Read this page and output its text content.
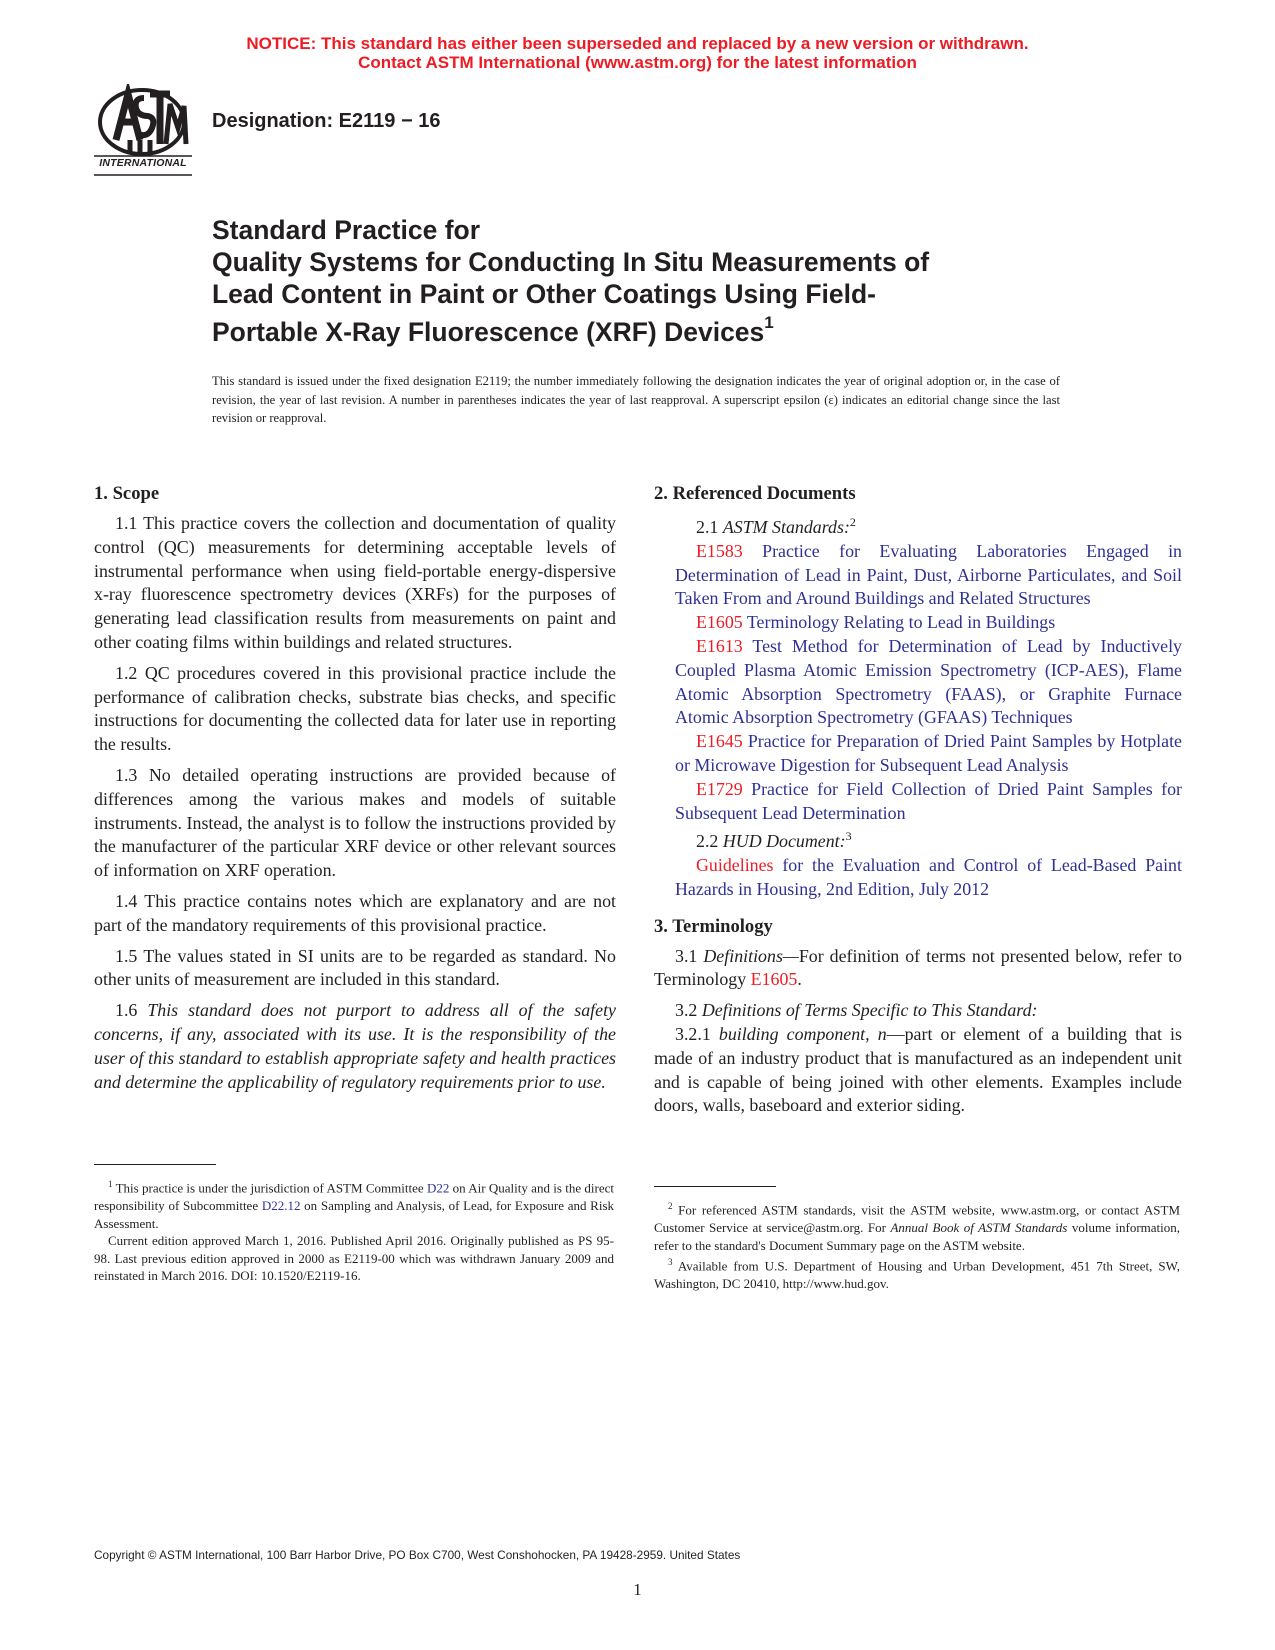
NOTICE: This standard has either been superseded and replaced by a new version or withdrawn.
Contact ASTM International (www.astm.org) for the latest information
INTERNATIONAL
Designation: E2119 − 16
Standard Practice for
Quality Systems for Conducting In Situ Measurements of
Lead Content in Paint or Other Coatings Using Field-
Portable X-Ray Fluorescence (XRF) Devices$^1$
This standard is issued under the fixed designation E2119; the number immediately following the designation indicates the year of original adoption or, in the case of revision, the year of last revision. A number in parentheses indicates the year of last reapproval. A superscript epsilon (ε) indicates an editorial change since the last revision or reapproval.
1. Scope

1.1 This practice covers the collection and documentation of quality control (QC) measurements for determining acceptable levels of instrumental performance when using field-portable energy-dispersive x-ray fluorescence spectrometry devices (XRFs) for the purposes of generating lead classification results from measurements on paint and other coating films within buildings and related structures.

1.2 QC procedures covered in this provisional practice include the performance of calibration checks, substrate bias checks, and specific instructions for documenting the collected data for later use in reporting the results.

1.3 No detailed operating instructions are provided because of differences among the various makes and models of suitable instruments. Instead, the analyst is to follow the instructions provided by the manufacturer of the particular XRF device or other relevant sources of information on XRF operation.

1.4 This practice contains notes which are explanatory and are not part of the mandatory requirements of this provisional practice.

1.5 The values stated in SI units are to be regarded as standard. No other units of measurement are included in this standard.

1.6 This standard does not purport to address all of the safety concerns, if any, associated with its use. It is the responsibility of the user of this standard to establish appropriate safety and health practices and determine the applicability of regulatory requirements prior to use.

$^1$ This practice is under the jurisdiction of ASTM Committee D22 on Air Quality and is the direct responsibility of Subcommittee D22.12 on Sampling and Analysis, of Lead, for Exposure and Risk Assessment.

Current edition approved March 1, 2016. Published April 2016. Originally published as PS 95-98. Last previous edition approved in 2000 as E2119-00 which was withdrawn January 2009 and reinstated in March 2016. DOI: 10.1520/E2119-16.

2. Referenced Documents

2.1 ASTM Standards:$^2$

E1583 Practice for Evaluating Laboratories Engaged in Determination of Lead in Paint, Dust, Airborne Particulates, and Soil Taken From and Around Buildings and Related Structures

E1605 Terminology Relating to Lead in Buildings

E1613 Test Method for Determination of Lead by Inductively Coupled Plasma Atomic Emission Spectrometry (ICP-AES), Flame Atomic Absorption Spectrometry (FAAS), or Graphite Furnace Atomic Absorption Spectrometry (GFAAS) Techniques

E1645 Practice for Preparation of Dried Paint Samples by Hotplate or Microwave Digestion for Subsequent Lead Analysis

E1729 Practice for Field Collection of Dried Paint Samples for Subsequent Lead Determination

2.2 HUD Document:$^3$

Guidelines for the Evaluation and Control of Lead-Based Paint Hazards in Housing, 2nd Edition, July 2012

3. Terminology

3.1 Definitions—For definition of terms not presented below, refer to Terminology E1605.

3.2 Definitions of Terms Specific to This Standard:

3.2.1 building component, n—part or element of a building that is made of an industry product that is manufactured as an independent unit and is capable of being joined with other elements. Examples include doors, walls, baseboard and exterior siding.

$^2$ For referenced ASTM standards, visit the ASTM website, www.astm.org, or contact ASTM Customer Service at service@astm.org. For Annual Book of ASTM Standards volume information, refer to the standard's Document Summary page on the ASTM website.

$^3$ Available from U.S. Department of Housing and Urban Development, 451 7th Street, SW, Washington, DC 20410, http://www.hud.gov.

Copyright © ASTM International, 100 Barr Harbor Drive, PO Box C700, West Conshohocken, PA 19428-2959. United States
1
